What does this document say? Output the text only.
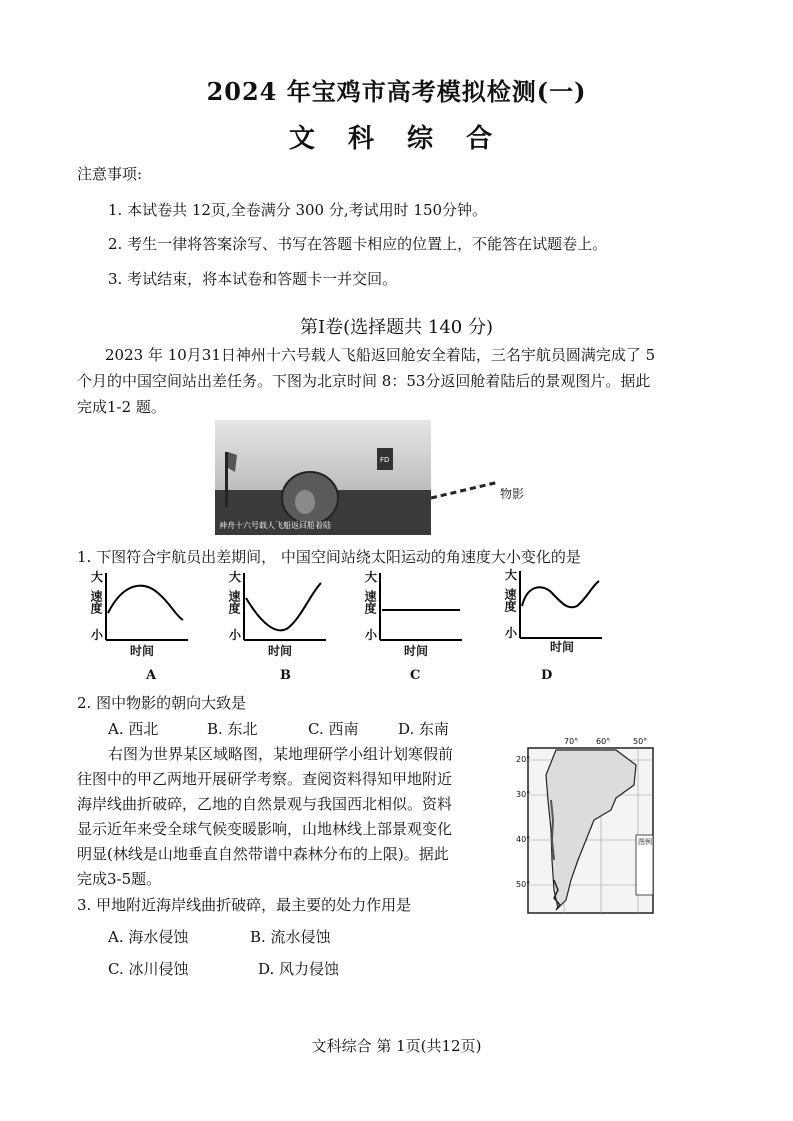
2024 年宝鸡市高考模拟检测(一)
文 科 综 合
注意事项:
1. 本试卷共 12页,全卷满分 300 分,考试用时 150分钟。
2. 考生一律将答案涂写、书写在答题卡相应的位置上，不能答在试题卷上。
3. 考试结束，将本试卷和答题卡一并交回。
第Ⅰ卷(选择题共 140 分)
2023 年 10月31日神州十六号载人飞船返回舱安全着陆，三名宇航员圆满完成了 5
个月的中国空间站出差任务。下图为北京时间 8：53分返回舱着陆后的景观图片。据此
完成1-2 题。
FD
神舟十六号载人飞船返回舱着陆
物影
1. 下图符合宇航员出差期间， 中国空间站绕太阳运动的角速度大小变化的是
大
速度
小
时间
A
大
速度
小
时间
B
大
速度
小
时间
C
大
速度
小
时间
D
2. 图中物影的朝向大致是
A. 西北	B. 东北	C. 西南	D. 东南
右图为世界某区域略图，某地理研学小组计划寒假前
往图中的甲乙两地开展研学考察。查阅资料得知甲地附近
海岸线曲折破碎，乙地的自然景观与我国西北相似。资料
显示近年来受全球气候变暖影响，山地林线上部景观变化
明显(林线是山地垂直自然带谱中森林分布的上限)。据此
完成3-5题。
70° 60°	50°
20°
30°
40°
50°
图例
3. 甲地附近海岸线曲折破碎，最主要的处力作用是
A. 海水侵蚀	B. 流水侵蚀
C. 冰川侵蚀	D. 风力侵蚀
文科综合 第 1页(共12页)
